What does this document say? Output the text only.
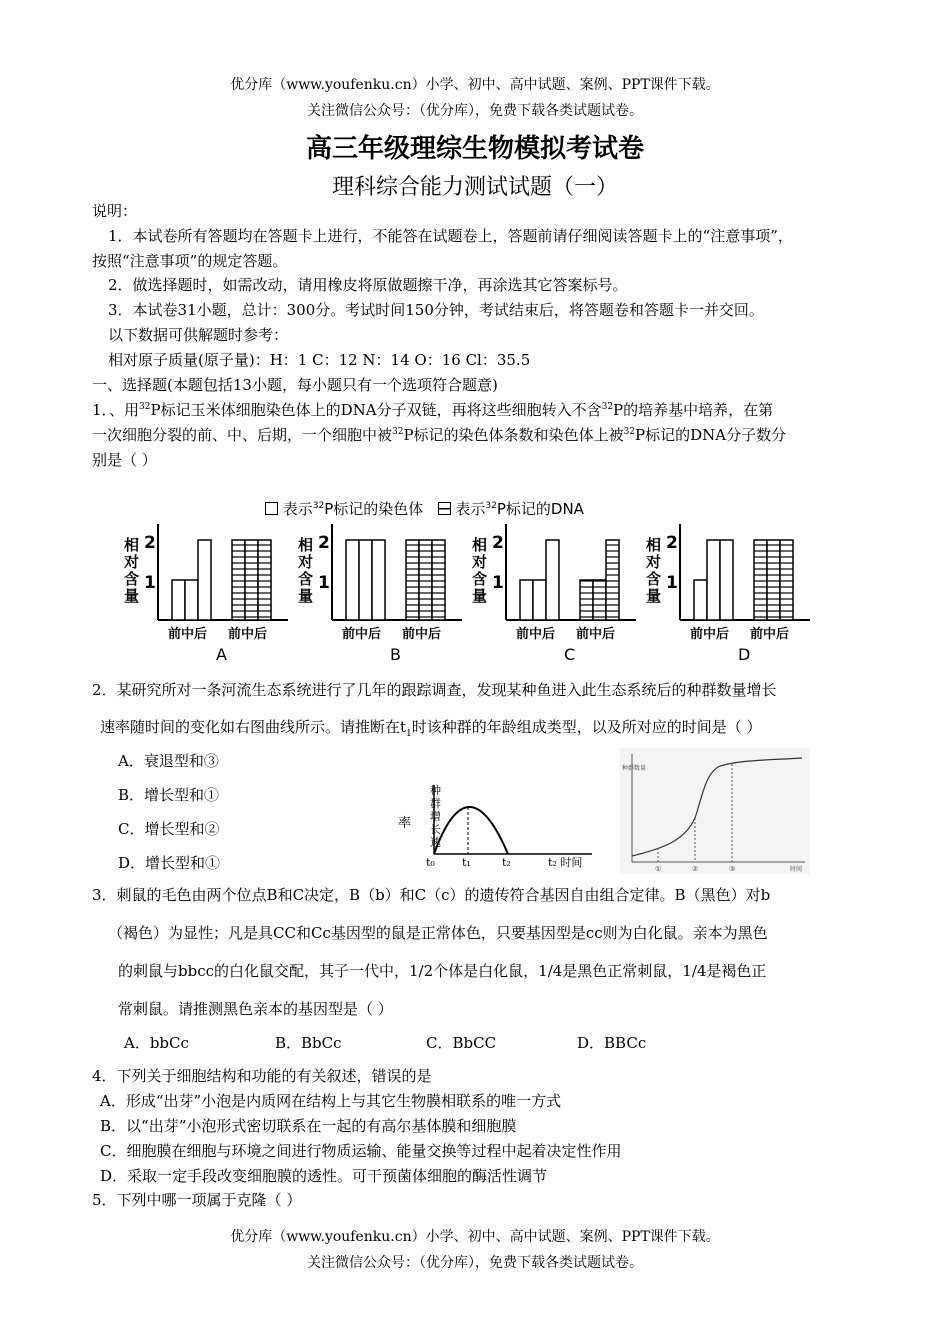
优分库（www.youfenku.cn）小学、初中、高中试题、案例、PPT课件下载。
关注微信公众号：（优分库），免费下载各类试题试卷。
高三年级理综生物模拟考试卷
理科综合能力测试试题（一）
说明：
1．本试卷所有答题均在答题卡上进行，不能答在试题卷上，答题前请仔细阅读答题卡上的“注意事项”，
按照“注意事项”的规定答题。
2．做选择题时，如需改动，请用橡皮将原做题擦干净，再涂选其它答案标号。
3．本试卷31小题，总计：300分。考试时间150分钟，考试结束后，将答题卷和答题卡一并交回。
以下数据可供解题时参考：
相对原子质量(原子量)：H：1 C：12 N：14 O：16 Cl：35.5
一、选择题(本题包括13小题，每小题只有一个选项符合题意)
1．、用$^{32}$P标记玉米体细胞染色体上的DNA分子双链，再将这些细胞转入不含$^{32}$P的培养基中培养，在第
一次细胞分裂的前、中、后期，一个细胞中被$^{32}$P标记的染色体条数和染色体上被$^{32}$P标记的DNA分子数分
别是（ ）
表示$^{32}$P标记的染色体 表示$^{32}$P标记的DNA
相
对
含
量
2
1
前中后 前中后
A
相
对
含
量
2
1
前中后 前中后
B
相
对
含
量
2
1
前中后 前中后
C
相
对
含
量
2
1
前中后 前中后
D
2．某研究所对一条河流生态系统进行了几年的跟踪调查，发现某种鱼进入此生态系统后的种群数量增长
速率随时间的变化如右图曲线所示。请推断在$t_1$时该种群的年龄组成类型，以及所对应的时间是（ ）
A．衰退型和③
B．增长型和①
C．增长型和②
D．增长型和①
率
种
群
增
长
速
t₀ t₁	t₂	t₂ 时间
种群数量
时间
①	②	③
3．刺鼠的毛色由两个位点B和C决定，B（b）和C（c）的遗传符合基因自由组合定律。B（黑色）对b
（褐色）为显性；凡是具CC和Cc基因型的鼠是正常体色，只要基因型是cc则为白化鼠。亲本为黑色
的刺鼠与bbcc的白化鼠交配，其子一代中，1/2个体是白化鼠，1/4是黑色正常刺鼠，1/4是褐色正
常刺鼠。请推测黑色亲本的基因型是（ ）
A．bbCc	B．BbCc	C．BbCC	D．BBCc
4．下列关于细胞结构和功能的有关叙述，错误的是
A．形成“出芽”小泡是内质网在结构上与其它生物膜相联系的唯一方式
B．以“出芽”小泡形式密切联系在一起的有高尔基体膜和细胞膜
C．细胞膜在细胞与环境之间进行物质运输、能量交换等过程中起着决定性作用
D．采取一定手段改变细胞膜的透性。可干预菌体细胞的酶活性调节
5．下列中哪一项属于克隆（ ）
优分库（www.youfenku.cn）小学、初中、高中试题、案例、PPT课件下载。
关注微信公众号：（优分库），免费下载各类试题试卷。
